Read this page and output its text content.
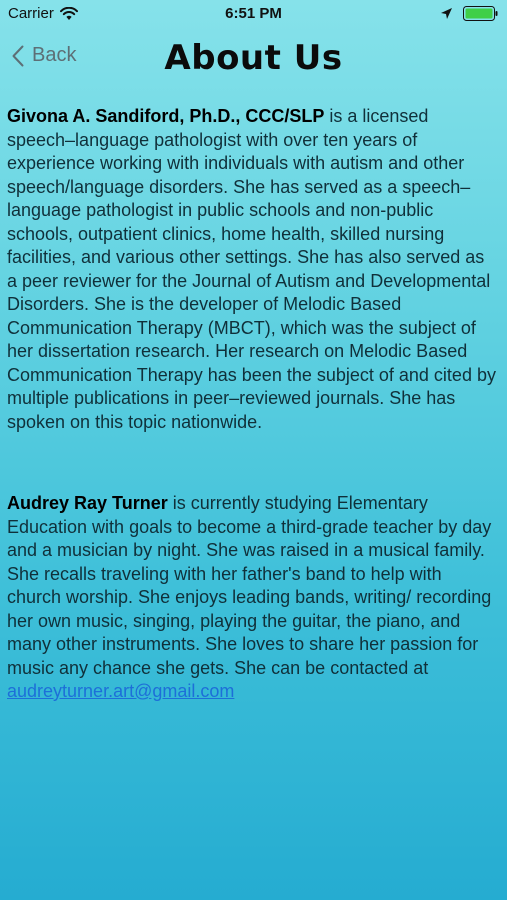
Carrier	6:51 PM
Back	About Us

Givona A. Sandiford, Ph.D., CCC/SLP is a licensed speech–language pathologist with over ten years of experience working with individuals with autism and other speech/language disorders. She has served as a speech–language pathologist in public schools and non-public schools, outpatient clinics, home health, skilled nursing facilities, and various other settings. She has also served as a peer reviewer for the Journal of Autism and Developmental Disorders. She is the developer of Melodic Based Communication Therapy (MBCT), which was the subject of her dissertation research. Her research on Melodic Based Communication Therapy has been the subject of and cited by multiple publications in peer–reviewed journals. She has spoken on this topic nationwide.

Audrey Ray Turner is currently studying Elementary Education with goals to become a third-grade teacher by day and a musician by night. She was raised in a musical family. She recalls traveling with her father's band to help with church worship. She enjoys leading bands, writing/ recording her own music, singing, playing the guitar, the piano, and many other instruments. She loves to share her passion for music any chance she gets. She can be contacted at audreyturner.art@gmail.com
